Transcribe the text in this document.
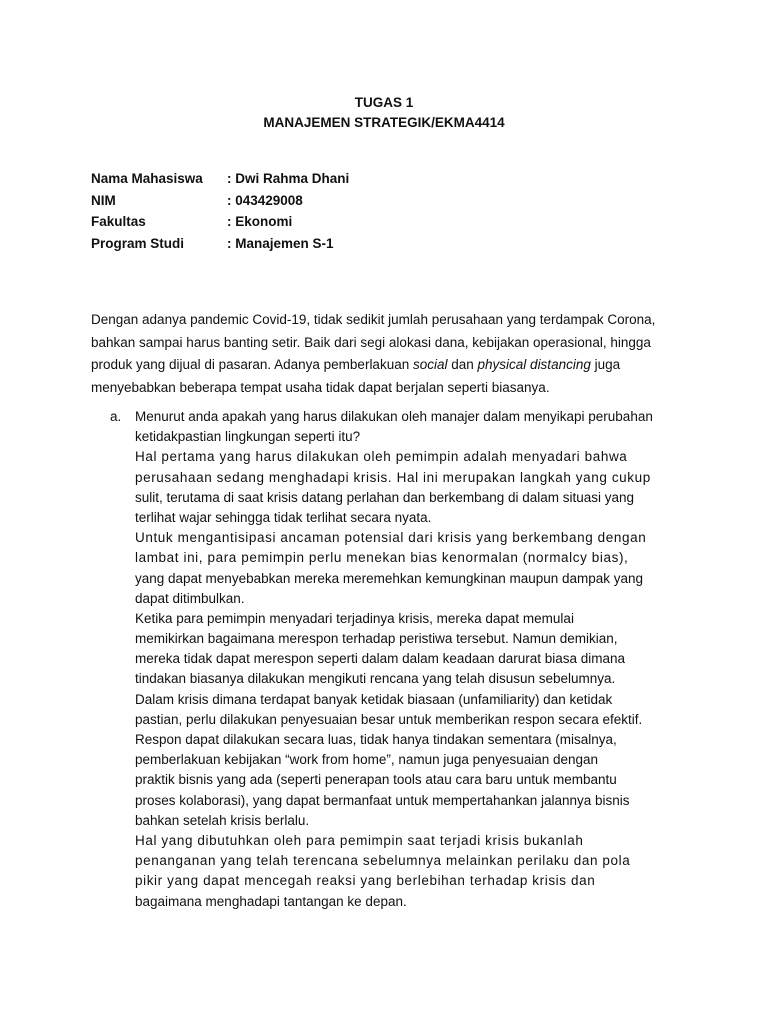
TUGAS 1
MANAJEMEN STRATEGIK/EKMA4414
Nama Mahasiswa	: Dwi Rahma Dhani
NIM	: 043429008
Fakultas	: Ekonomi
Program Studi	: Manajemen S-1

Dengan adanya pandemic Covid-19, tidak sedikit jumlah perusahaan yang terdampak Corona,

bahkan sampai harus banting setir. Baik dari segi alokasi dana, kebijakan operasional, hingga

produk yang dijual di pasaran. Adanya pemberlakuan social dan physical distancing juga

menyebabkan beberapa tempat usaha tidak dapat berjalan seperti biasanya.

a. Menurut anda apakah yang harus dilakukan oleh manajer dalam menyikapi perubahan

ketidakpastian lingkungan seperti itu?

Hal pertama yang harus dilakukan oleh pemimpin adalah menyadari bahwa

perusahaan sedang menghadapi krisis. Hal ini merupakan langkah yang cukup

sulit, terutama di saat krisis datang perlahan dan berkembang di dalam situasi yang

terlihat wajar sehingga tidak terlihat secara nyata.

Untuk mengantisipasi ancaman potensial dari krisis yang berkembang dengan

lambat ini, para pemimpin perlu menekan bias kenormalan (normalcy bias),

yang dapat menyebabkan mereka meremehkan kemungkinan maupun dampak yang

dapat ditimbulkan.

Ketika para pemimpin menyadari terjadinya krisis, mereka dapat memulai

memikirkan bagaimana merespon terhadap peristiwa tersebut. Namun demikian,

mereka tidak dapat merespon seperti dalam dalam keadaan darurat biasa dimana

tindakan biasanya dilakukan mengikuti rencana yang telah disusun sebelumnya.

Dalam krisis dimana terdapat banyak ketidak biasaan (unfamiliarity) dan ketidak

pastian, perlu dilakukan penyesuaian besar untuk memberikan respon secara efektif.

Respon dapat dilakukan secara luas, tidak hanya tindakan sementara (misalnya,

pemberlakuan kebijakan “work from home”, namun juga penyesuaian dengan

praktik bisnis yang ada (seperti penerapan tools atau cara baru untuk membantu

proses kolaborasi), yang dapat bermanfaat untuk mempertahankan jalannya bisnis

bahkan setelah krisis berlalu.

Hal yang dibutuhkan oleh para pemimpin saat terjadi krisis bukanlah

penanganan yang telah terencana sebelumnya melainkan perilaku dan pola

pikir yang dapat mencegah reaksi yang berlebihan terhadap krisis dan

bagaimana menghadapi tantangan ke depan.
